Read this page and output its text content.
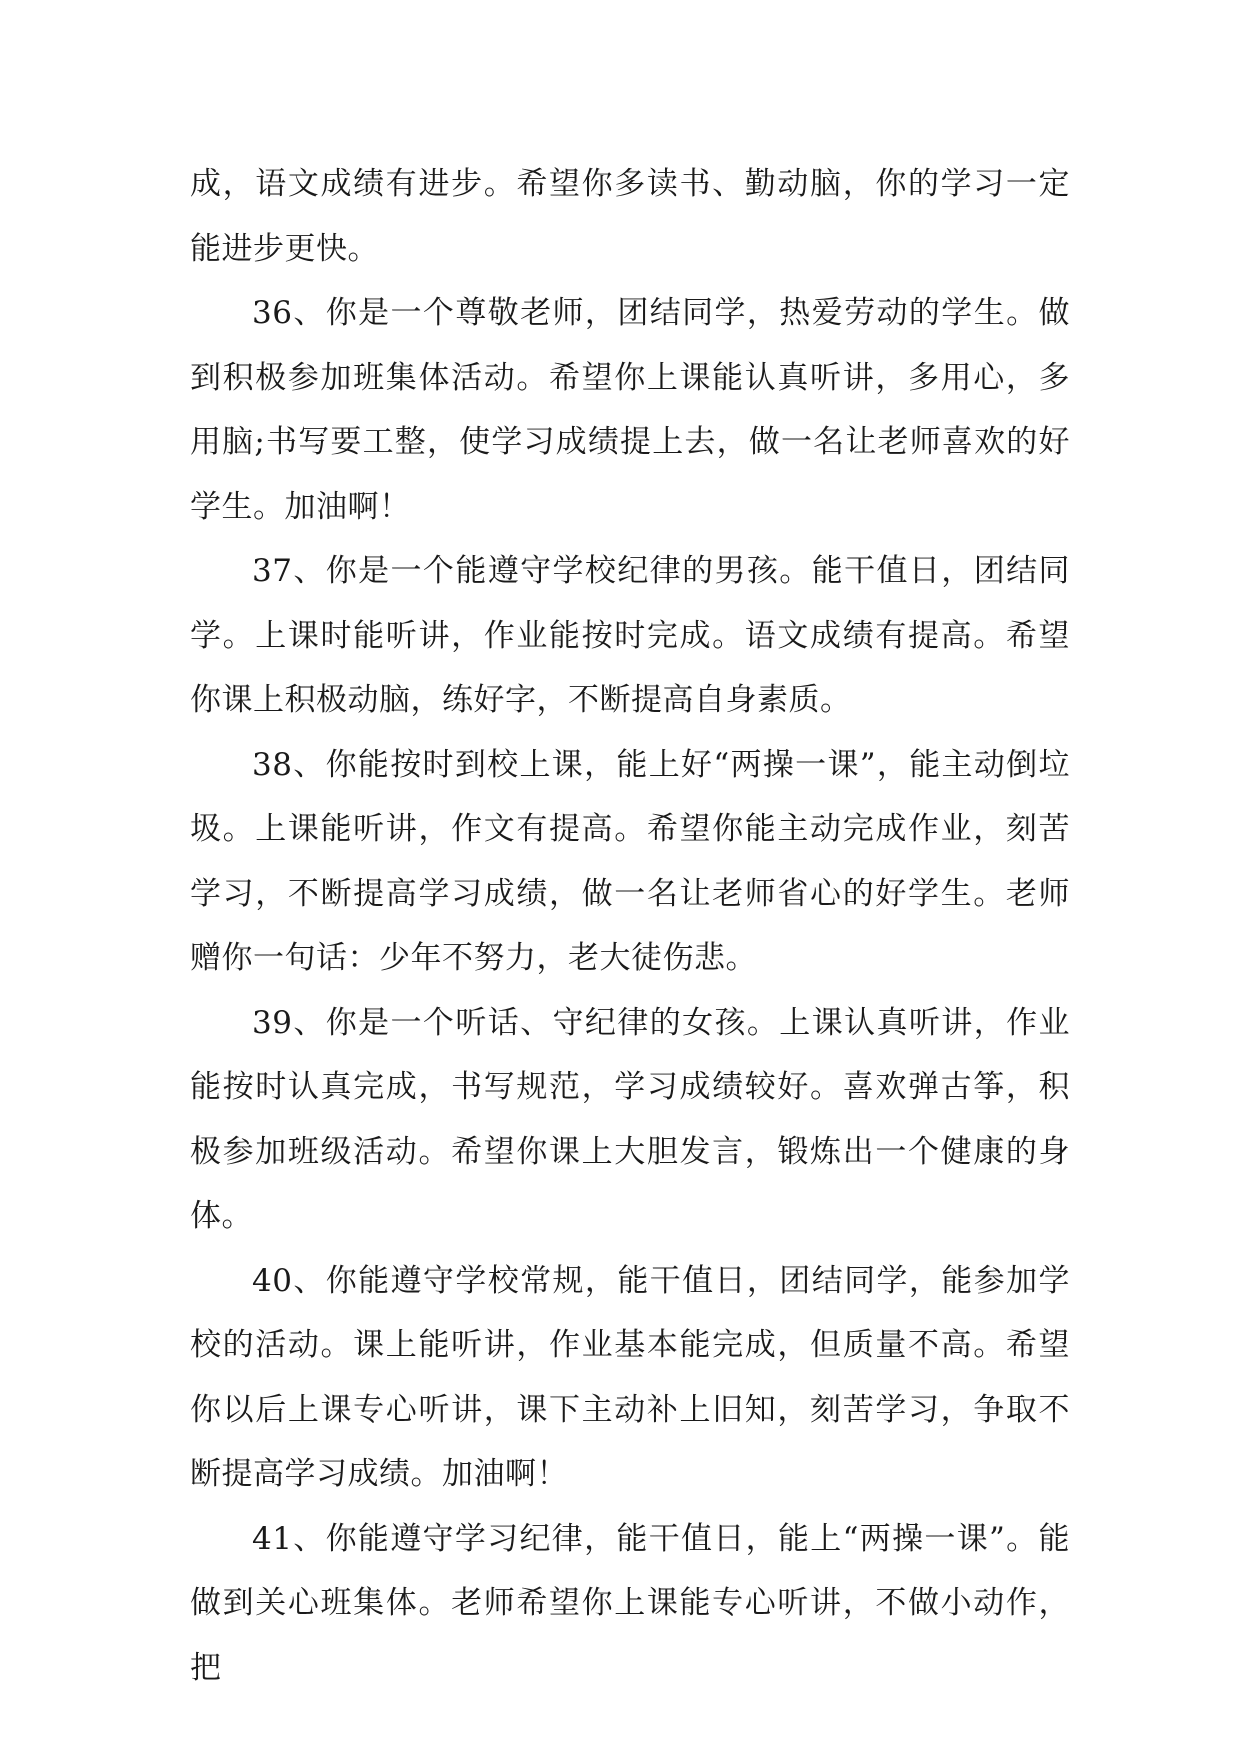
成，语文成绩有进步。希望你多读书、勤动脑，你的学习一定能进步更快。

36、你是一个尊敬老师，团结同学，热爱劳动的学生。做到积极参加班集体活动。希望你上课能认真听讲，多用心，多用脑;书写要工整，使学习成绩提上去，做一名让老师喜欢的好学生。加油啊！

37、你是一个能遵守学校纪律的男孩。能干值日，团结同学。上课时能听讲，作业能按时完成。语文成绩有提高。希望你课上积极动脑，练好字，不断提高自身素质。

38、你能按时到校上课，能上好“两操一课”，能主动倒垃圾。上课能听讲，作文有提高。希望你能主动完成作业，刻苦学习，不断提高学习成绩，做一名让老师省心的好学生。老师赠你一句话：少年不努力，老大徒伤悲。

39、你是一个听话、守纪律的女孩。上课认真听讲，作业能按时认真完成，书写规范，学习成绩较好。喜欢弹古筝，积极参加班级活动。希望你课上大胆发言，锻炼出一个健康的身体。

40、你能遵守学校常规，能干值日，团结同学，能参加学校的活动。课上能听讲，作业基本能完成，但质量不高。希望你以后上课专心听讲，课下主动补上旧知，刻苦学习，争取不断提高学习成绩。加油啊！

41、你能遵守学习纪律，能干值日，能上“两操一课”。能做到关心班集体。老师希望你上课能专心听讲，不做小动作，把
